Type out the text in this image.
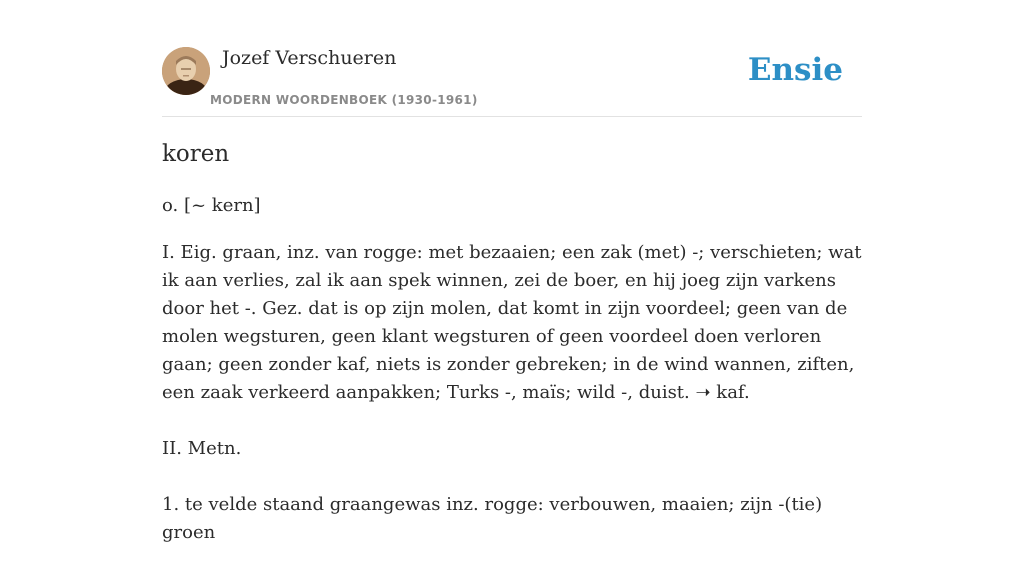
Jozef Verschueren
MODERN WOORDENBOEK (1930-1961)
Ensie
koren
o. [~ kern]

I. Eig. graan, inz. van rogge: met bezaaien; een zak (met) -; verschieten; wat ik aan verlies, zal ik aan spek winnen, zei de boer, en hij joeg zijn varkens door het -. Gez. dat is op zijn molen, dat komt in zijn voordeel; geen van de molen wegsturen, geen klant wegsturen of geen voordeel doen verloren gaan; geen zonder kaf, niets is zonder gebreken; in de wind wannen, ziften, een zaak verkeerd aanpakken; Turks -, maïs; wild -, duist. ➝ kaf.

II. Metn.

1. te velde staand graangewas inz. rogge: verbouwen, maaien; zijn -(tie) groen
